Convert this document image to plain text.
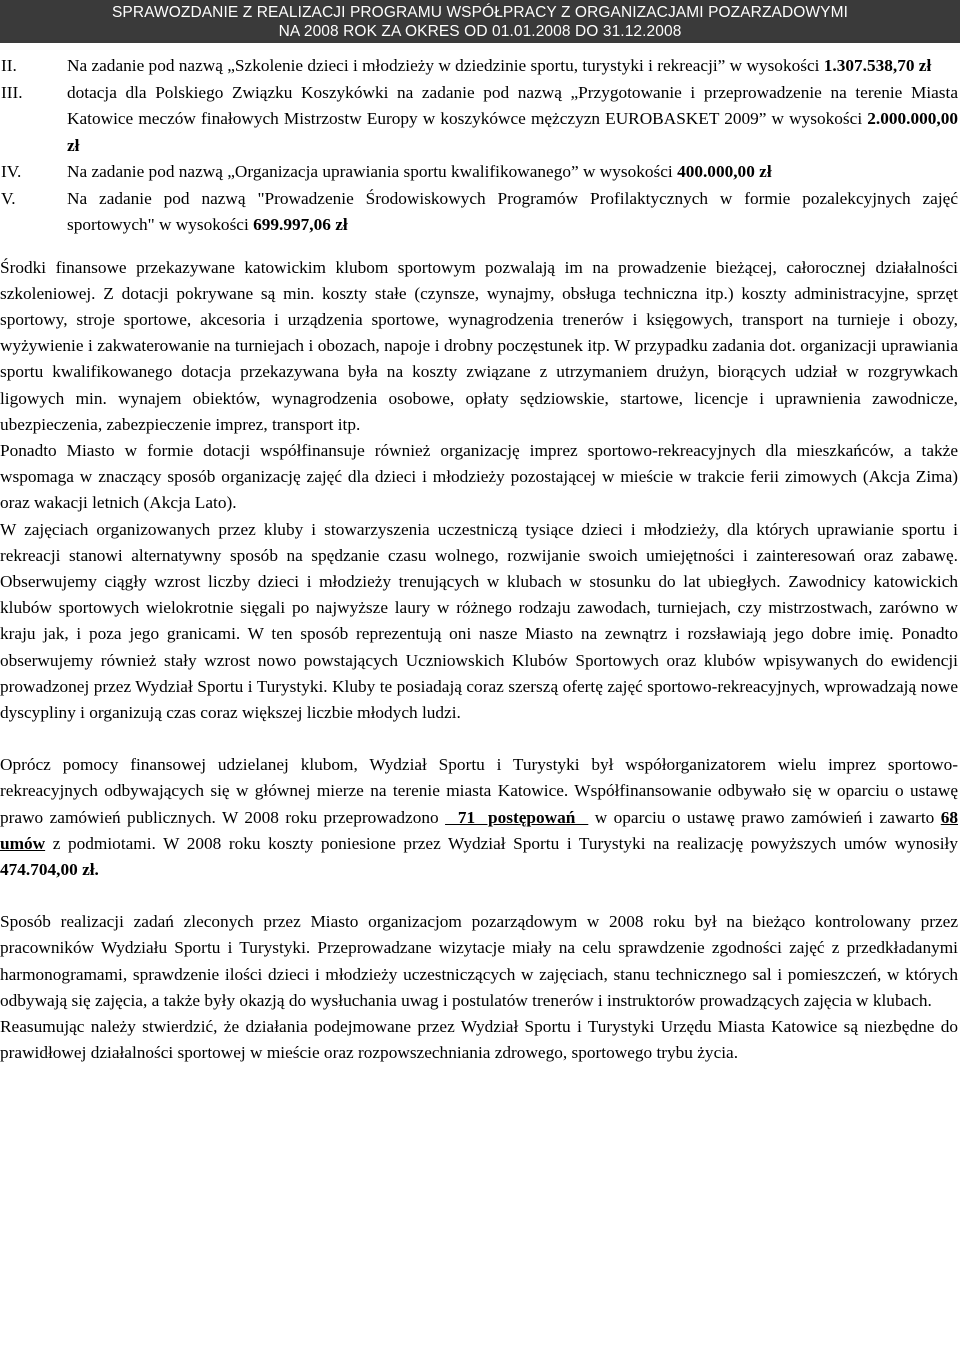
SPRAWOZDANIE Z REALIZACJI PROGRAMU WSPÓŁPRACY Z ORGANIZACJAMI POZARZADOWYMI
NA 2008 ROK ZA OKRES OD 01.01.2008 DO 31.12.2008
II.	Na zadanie pod nazwą „Szkolenie dzieci i młodzieży w dziedzinie sportu, turystyki i rekreacji” w wysokości 1.307.538,70 zł
III.	dotacja dla Polskiego Związku Koszykówki na zadanie pod nazwą „Przygotowanie i przeprowadzenie na terenie Miasta Katowice meczów finałowych Mistrzostw Europy w koszykówce mężczyzn EUROBASKET 2009” w wysokości 2.000.000,00 zł
IV.	Na zadanie pod nazwą „Organizacja uprawiania sportu kwalifikowanego” w wysokości 400.000,00 zł
V.	Na zadanie pod nazwą "Prowadzenie Środowiskowych Programów Profilaktycznych w formie pozalekcyjnych zajęć sportowych" w wysokości 699.997,06 zł

Środki finansowe przekazywane katowickim klubom sportowym pozwalają im na prowadzenie bieżącej, całorocznej działalności szkoleniowej. Z dotacji pokrywane są min. koszty stałe (czynsze, wynajmy, obsługa techniczna itp.) koszty administracyjne, sprzęt sportowy, stroje sportowe, akcesoria i urządzenia sportowe, wynagrodzenia trenerów i księgowych, transport na turnieje i obozy, wyżywienie i zakwaterowanie na turniejach i obozach, napoje i drobny poczęstunek itp. W przypadku zadania dot. organizacji uprawiania sportu kwalifikowanego dotacja przekazywana była na koszty związane z utrzymaniem drużyn, biorących udział w rozgrywkach ligowych min. wynajem obiektów, wynagrodzenia osobowe, opłaty sędziowskie, startowe, licencje i uprawnienia zawodnicze, ubezpieczenia, zabezpieczenie imprez, transport itp.

Ponadto Miasto w formie dotacji współfinansuje również organizację imprez sportowo-rekreacyjnych dla mieszkańców, a także wspomaga w znaczący sposób organizację zajęć dla dzieci i młodzieży pozostającej w mieście w trakcie ferii zimowych (Akcja Zima) oraz wakacji letnich (Akcja Lato).

W zajęciach organizowanych przez kluby i stowarzyszenia uczestniczą tysiące dzieci i młodzieży, dla których uprawianie sportu i rekreacji stanowi alternatywny sposób na spędzanie czasu wolnego, rozwijanie swoich umiejętności i zainteresowań oraz zabawę. Obserwujemy ciągły wzrost liczby dzieci i młodzieży trenujących w klubach w stosunku do lat ubiegłych. Zawodnicy katowickich klubów sportowych wielokrotnie sięgali po najwyższe laury w różnego rodzaju zawodach, turniejach, czy mistrzostwach, zarówno w kraju jak, i poza jego granicami. W ten sposób reprezentują oni nasze Miasto na zewnątrz i rozsławiają jego dobre imię. Ponadto obserwujemy również stały wzrost nowo powstających Uczniowskich Klubów Sportowych oraz klubów wpisywanych do ewidencji prowadzonej przez Wydział Sportu i Turystyki. Kluby te posiadają coraz szerszą ofertę zajęć sportowo-rekreacyjnych, wprowadzają nowe dyscypliny i organizują czas coraz większej liczbie młodych ludzi.

Oprócz pomocy finansowej udzielanej klubom, Wydział Sportu i Turystyki był współorganizatorem wielu imprez sportowo-rekreacyjnych odbywających się w głównej mierze na terenie miasta Katowice. Współfinansowanie odbywało się w oparciu o ustawę prawo zamówień publicznych. W 2008 roku przeprowadzono   71  postępowań   w oparciu o ustawę prawo zamówień i zawarto 68 umów z podmiotami. W 2008 roku koszty poniesione przez Wydział Sportu i Turystyki na realizację powyższych umów wynosiły 474.704,00 zł.

Sposób realizacji zadań zleconych przez Miasto organizacjom pozarządowym w 2008 roku był na bieżąco kontrolowany przez pracowników Wydziału Sportu i Turystyki. Przeprowadzane wizytacje miały na celu sprawdzenie zgodności zajęć z przedkładanymi harmonogramami, sprawdzenie ilości dzieci i młodzieży uczestniczących w zajęciach, stanu technicznego sal i pomieszczeń, w których odbywają się zajęcia, a także były okazją do wysłuchania uwag i postulatów trenerów i instruktorów prowadzących zajęcia w klubach.

Reasumując należy stwierdzić, że działania podejmowane przez Wydział Sportu i Turystyki Urzędu Miasta Katowice są niezbędne do prawidłowej działalności sportowej w mieście oraz rozpowszechniania zdrowego, sportowego trybu życia.
